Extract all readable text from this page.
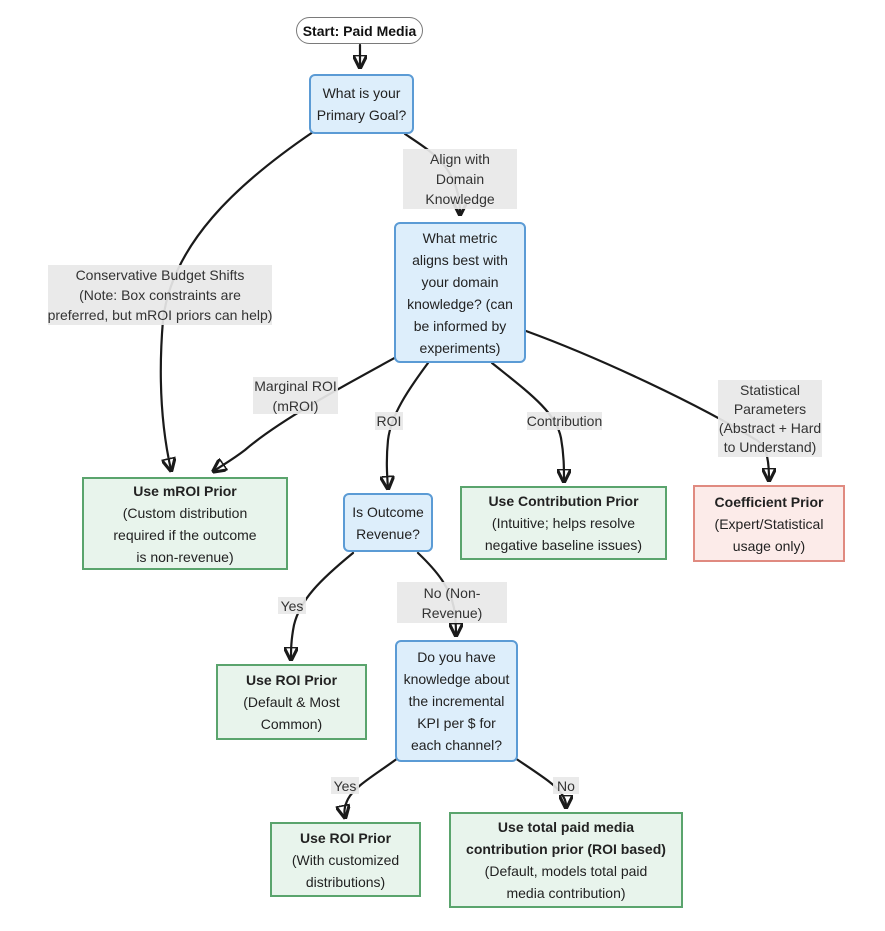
Align with
Domain
Knowledge
Conservative Budget Shifts
(Note: Box constraints are
preferred, but mROI priors can help)
Marginal ROI
(mROI)
ROI	Contribution
Statistical
Parameters
(Abstract + Hard
to Understand)
Yes
No (Non-
Revenue)
Yes	No
Start: Paid Media
What is your
Primary Goal?
What metric
aligns best with
your domain
knowledge? (can
be informed by
experiments)
Use mROI Prior
(Custom distribution
required if the outcome
is non-revenue)
Is Outcome
Revenue?
Use Contribution Prior
(Intuitive; helps resolve
negative baseline issues)
Coefficient Prior
(Expert/Statistical
usage only)
Use ROI Prior
(Default & Most
Common)
Do you have
knowledge about
the incremental
KPI per $ for
each channel?
Use ROI Prior
(With customized
distributions)
Use total paid media
contribution prior (ROI based)
(Default, models total paid
media contribution)
